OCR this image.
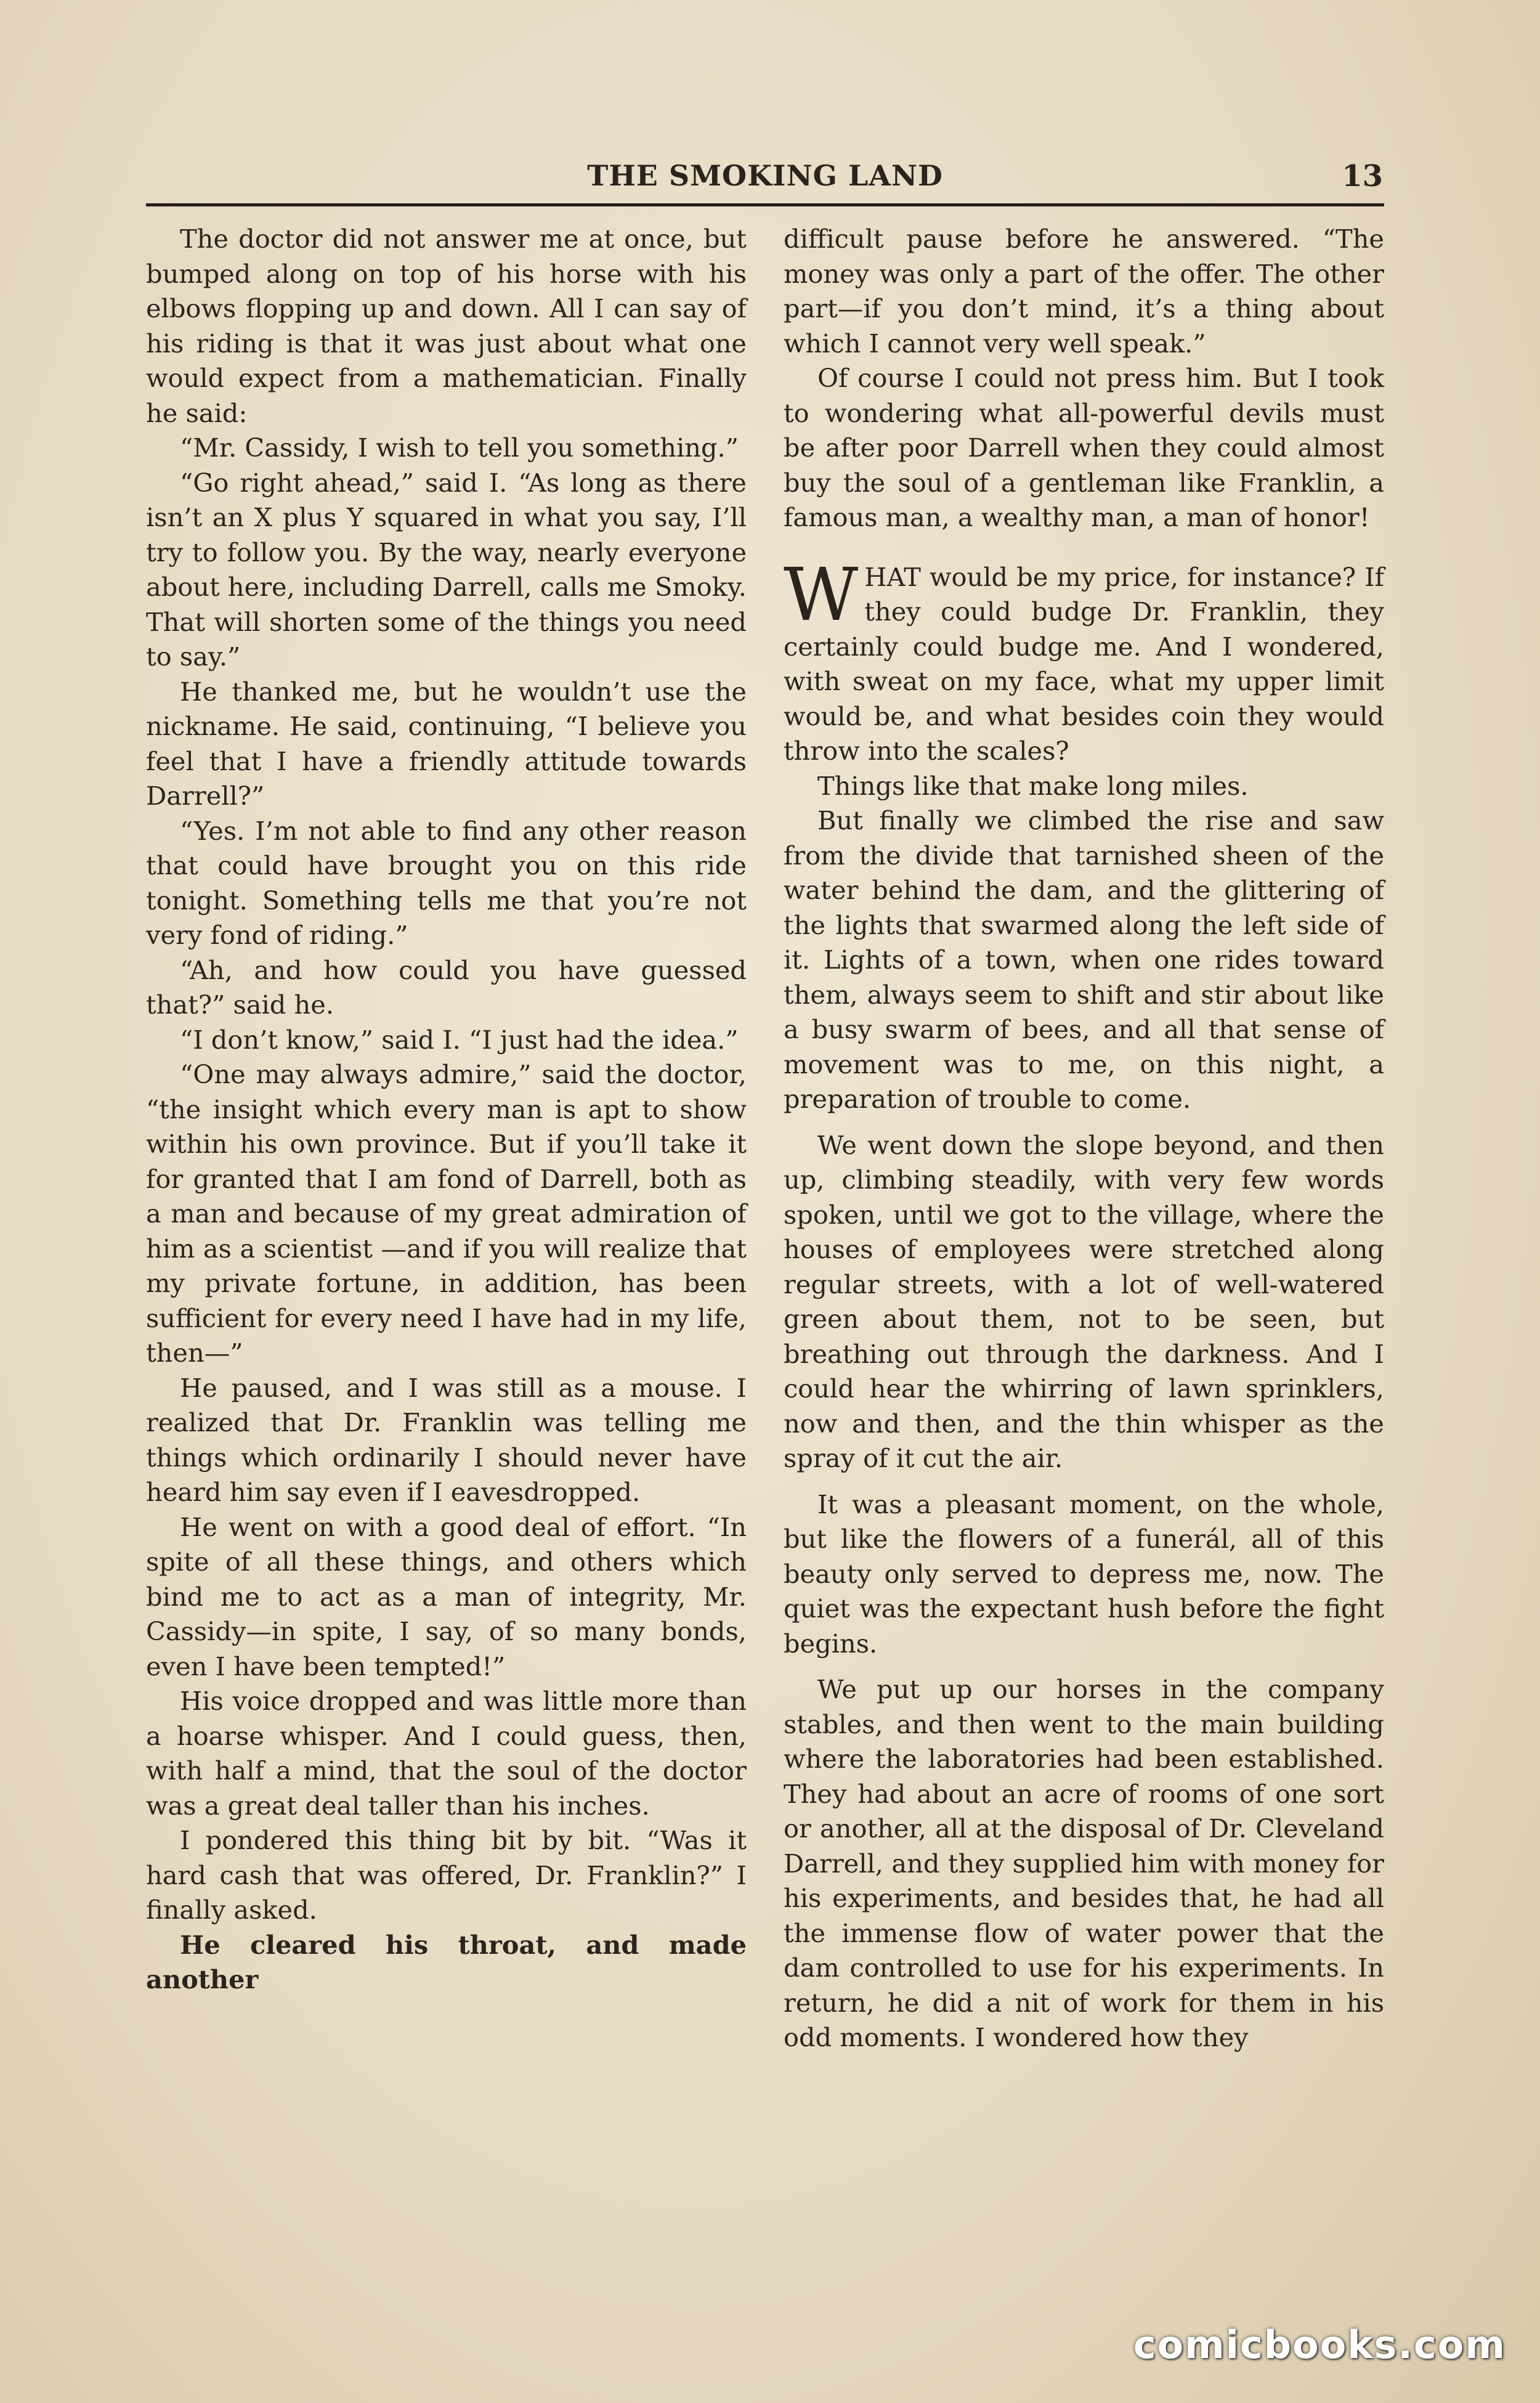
THE SMOKING LAND	13

The doctor did not answer me at once, but bumped along on top of his horse with his elbows flopping up and down. All I can say of his riding is that it was just about what one would expect from a mathematician. Finally he said:

“Mr. Cassidy, I wish to tell you something.”

“Go right ahead,” said I. “As long as there isn’t an X plus Y squared in what you say, I’ll try to follow you. By the way, nearly everyone about here, including Darrell, calls me Smoky. That will shorten some of the things you need to say.”

He thanked me, but he wouldn’t use the nickname. He said, continuing, “I believe you feel that I have a friendly attitude towards Darrell?”

“Yes. I’m not able to find any other reason that could have brought you on this ride tonight. Something tells me that you’re not very fond of riding.”

“Ah, and how could you have guessed that?” said he.

“I don’t know,” said I. “I just had the idea.”

“One may always admire,” said the doctor, “the insight which every man is apt to show within his own province. But if you’ll take it for granted that I am fond of Darrell, both as a man and because of my great admiration of him as a scientist —and if you will realize that my private fortune, in addition, has been sufficient for every need I have had in my life, then—”

He paused, and I was still as a mouse. I realized that Dr. Franklin was telling me things which ordinarily I should never have heard him say even if I eavesdropped.

He went on with a good deal of effort. “In spite of all these things, and others which bind me to act as a man of integrity, Mr. Cassidy—in spite, I say, of so many bonds, even I have been tempted!”

His voice dropped and was little more than a hoarse whisper. And I could guess, then, with half a mind, that the soul of the doctor was a great deal taller than his inches.

I pondered this thing bit by bit. “Was it hard cash that was offered, Dr. Franklin?” I finally asked.

He cleared his throat, and made another

difficult pause before he answered. “The money was only a part of the offer. The other part—if you don’t mind, it’s a thing about which I cannot very well speak.”

Of course I could not press him. But I took to wondering what all-powerful devils must be after poor Darrell when they could almost buy the soul of a gentleman like Franklin, a famous man, a wealthy man, a man of honor!

WHAT would be my price, for instance? If they could budge Dr. Franklin, they certainly could budge me. And I wondered, with sweat on my face, what my upper limit would be, and what besides coin they would throw into the scales?

Things like that make long miles.

But finally we climbed the rise and saw from the divide that tarnished sheen of the water behind the dam, and the glittering of the lights that swarmed along the left side of it. Lights of a town, when one rides toward them, always seem to shift and stir about like a busy swarm of bees, and all that sense of movement was to me, on this night, a preparation of trouble to come.

We went down the slope beyond, and then up, climbing steadily, with very few words spoken, until we got to the village, where the houses of employees were stretched along regular streets, with a lot of well-watered green about them, not to be seen, but breathing out through the darkness. And I could hear the whirring of lawn sprinklers, now and then, and the thin whisper as the spray of it cut the air.

It was a pleasant moment, on the whole, but like the flowers of a funerál, all of this beauty only served to depress me, now. The quiet was the expectant hush before the fight begins.

We put up our horses in the company stables, and then went to the main building where the laboratories had been established. They had about an acre of rooms of one sort or another, all at the disposal of Dr. Cleveland Darrell, and they supplied him with money for his experiments, and besides that, he had all the immense flow of water power that the dam controlled to use for his experiments. In return, he did a nit of work for them in his odd moments. I wondered how they

comicbooks.com
